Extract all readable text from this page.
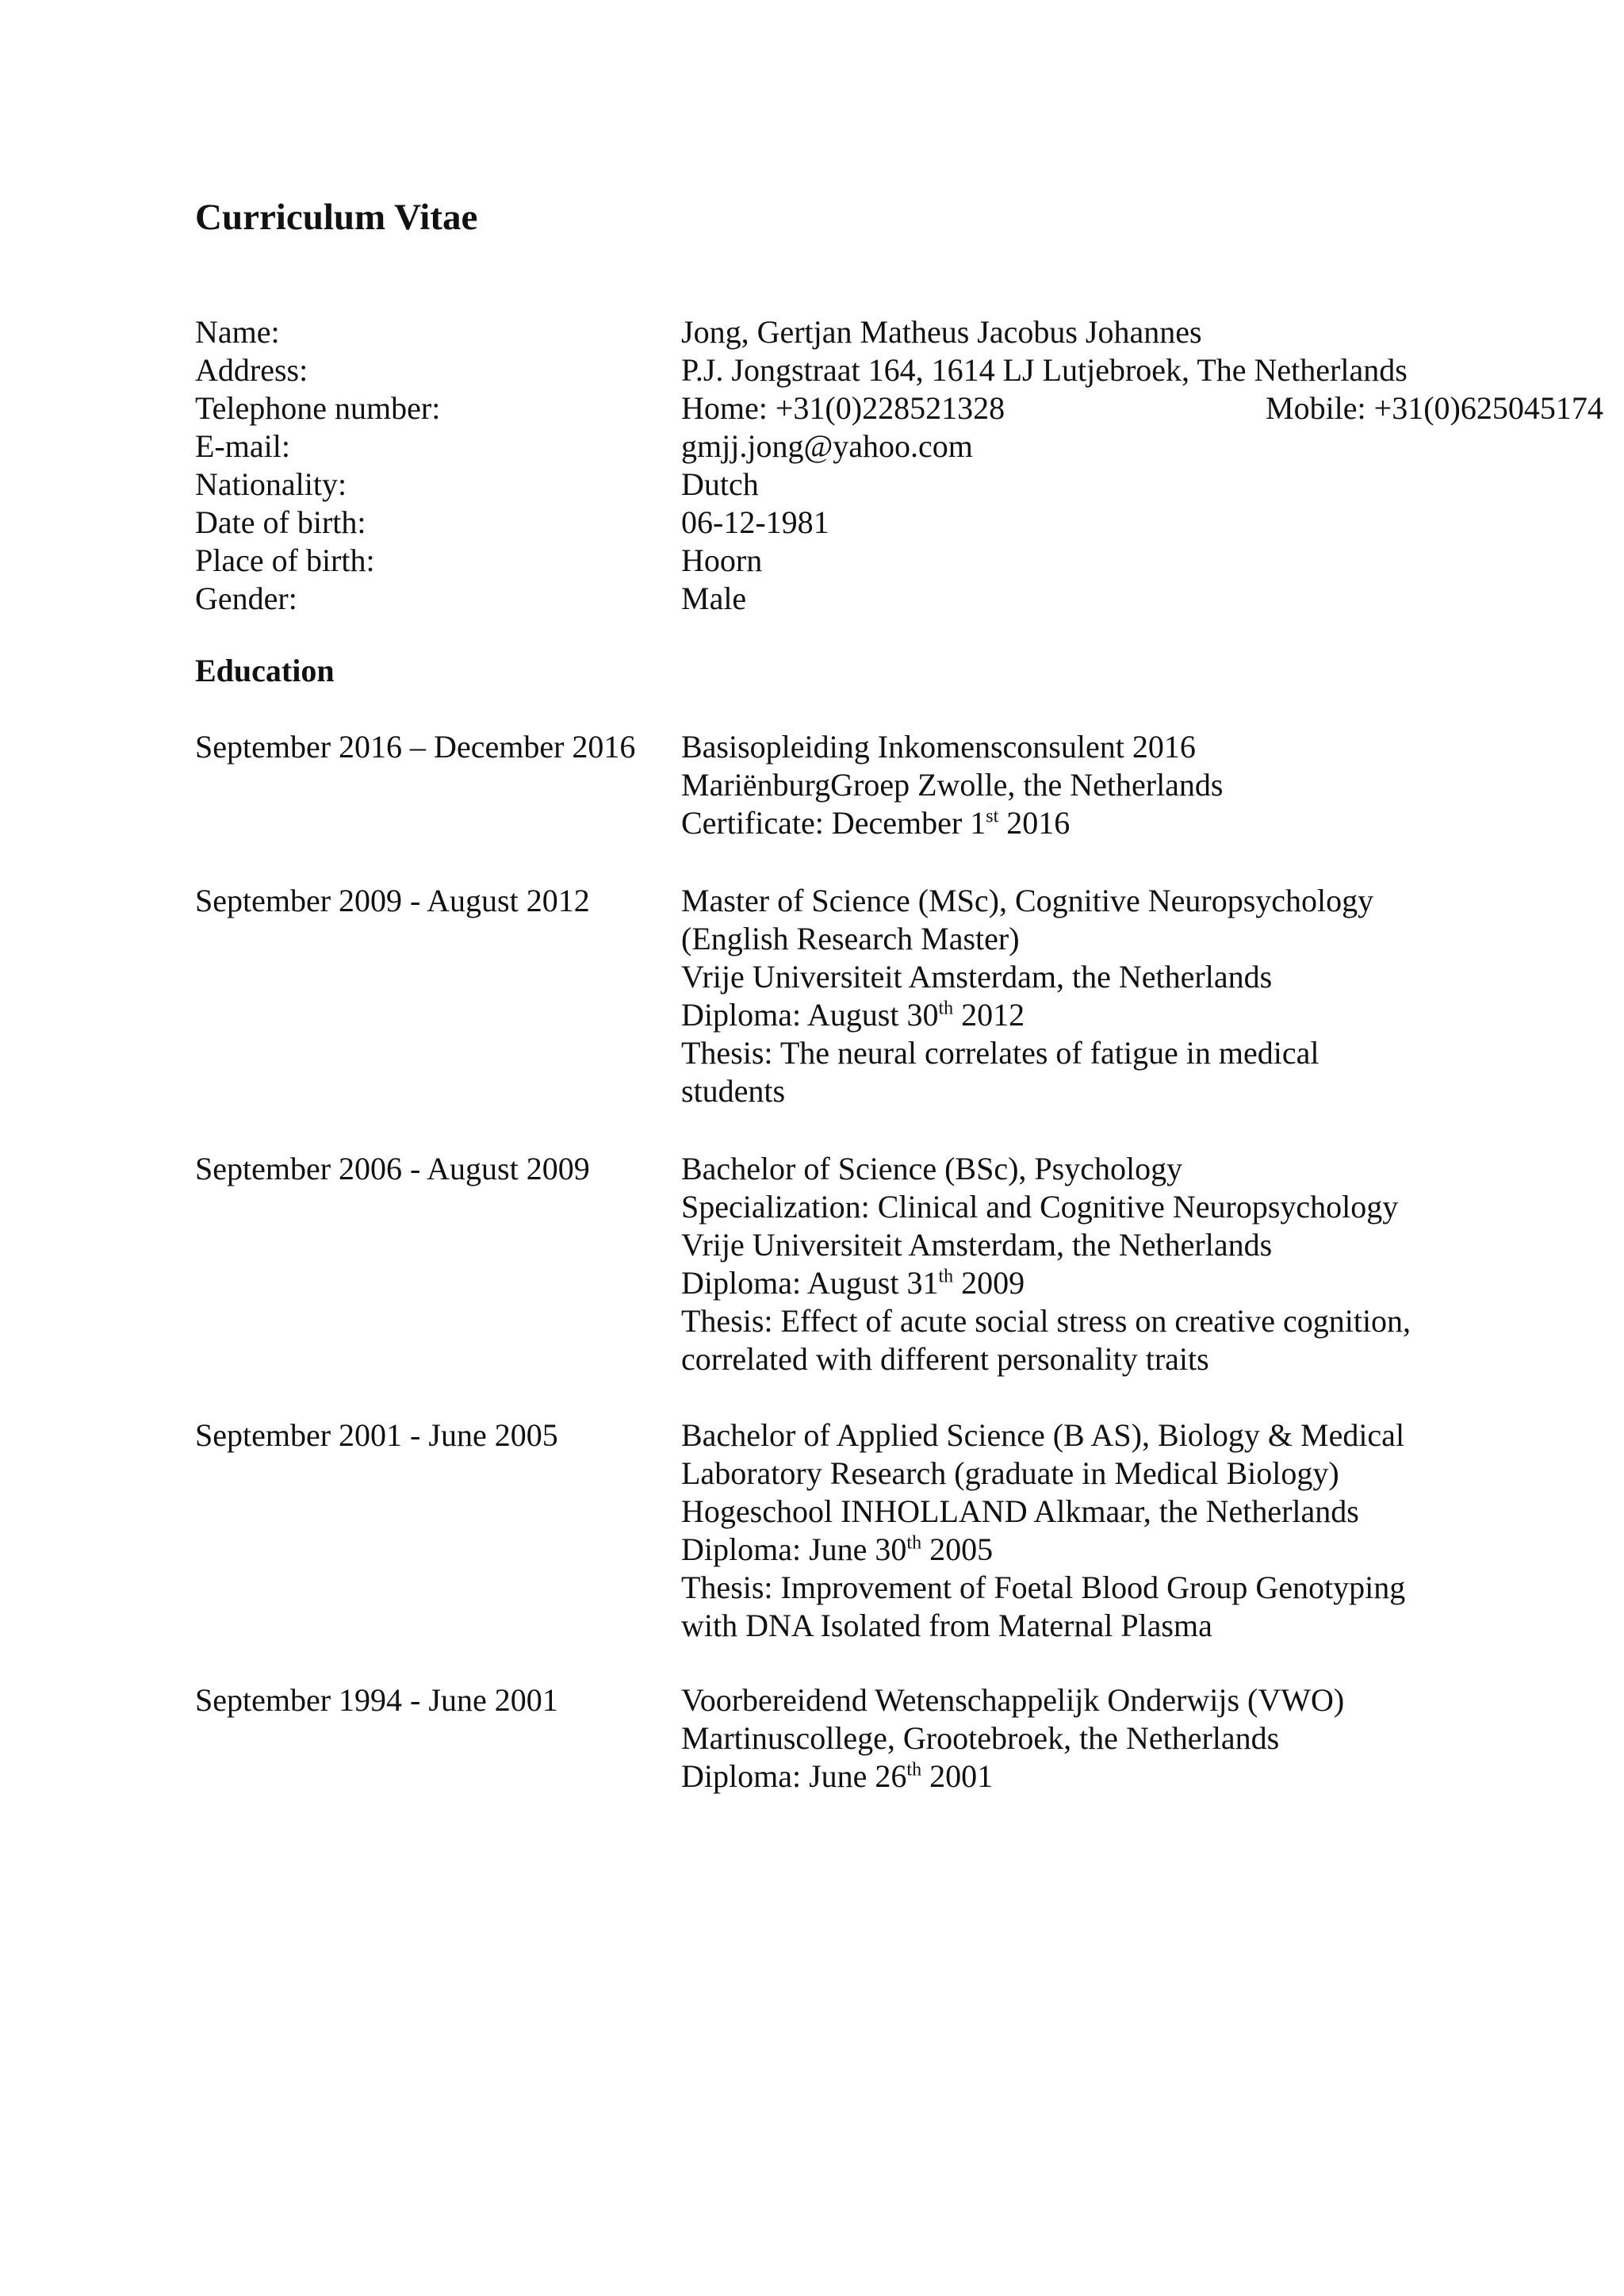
Curriculum Vitae
Name:	Jong, Gertjan Matheus Jacobus Johannes
Address:	P.J. Jongstraat 164, 1614 LJ Lutjebroek, The Netherlands
Telephone number:	Home: +31(0)228521328	Mobile: +31(0)625045174
E-mail:	gmjj.jong@yahoo.com
Nationality:	Dutch
Date of birth:	06-12-1981
Place of birth:	Hoorn
Gender:	Male
Education
September 2016 – December 2016 Basisopleiding Inkomensconsulent 2016
MariënburgGroep Zwolle, the Netherlands
Certificate: December 1st 2016
September 2009 - August 2012	Master of Science (MSc), Cognitive Neuropsychology
(English Research Master)
Vrije Universiteit Amsterdam, the Netherlands
Diploma: August 30th 2012
Thesis: The neural correlates of fatigue in medical
students
September 2006 - August 2009	Bachelor of Science (BSc), Psychology
Specialization: Clinical and Cognitive Neuropsychology
Vrije Universiteit Amsterdam, the Netherlands
Diploma: August 31th 2009
Thesis: Effect of acute social stress on creative cognition,
correlated with different personality traits
September 2001 - June 2005	Bachelor of Applied Science (B AS), Biology & Medical
Laboratory Research (graduate in Medical Biology)
Hogeschool INHOLLAND Alkmaar, the Netherlands
Diploma: June 30th 2005
Thesis: Improvement of Foetal Blood Group Genotyping
with DNA Isolated from Maternal Plasma
September 1994 - June 2001	Voorbereidend Wetenschappelijk Onderwijs (VWO)
Martinuscollege, Grootebroek, the Netherlands
Diploma: June 26th 2001
